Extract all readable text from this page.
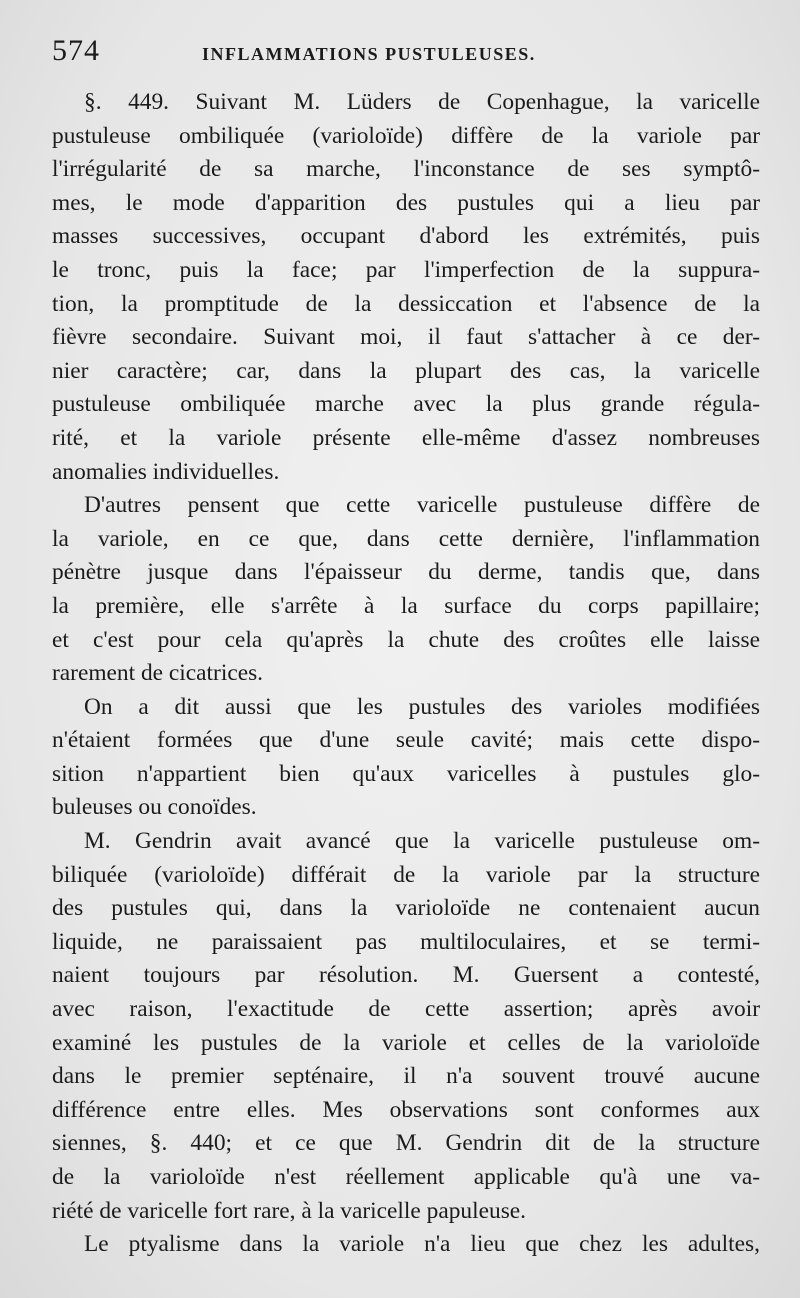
574	INFLAMMATIONS PUSTULEUSES.
§. 449. Suivant M. Lüders de Copenhague, la varicelle
pustuleuse ombiliquée (varioloïde) diffère de la variole par
l'irrégularité de sa marche, l'inconstance de ses symptô-
mes, le mode d'apparition des pustules qui a lieu par
masses successives, occupant d'abord les extrémités, puis
le tronc, puis la face; par l'imperfection de la suppura-
tion, la promptitude de la dessiccation et l'absence de la
fièvre secondaire. Suivant moi, il faut s'attacher à ce der-
nier caractère; car, dans la plupart des cas, la varicelle
pustuleuse ombiliquée marche avec la plus grande régula-
rité, et la variole présente elle-même d'assez nombreuses
anomalies individuelles.
D'autres pensent que cette varicelle pustuleuse diffère de
la variole, en ce que, dans cette dernière, l'inflammation
pénètre jusque dans l'épaisseur du derme, tandis que, dans
la première, elle s'arrête à la surface du corps papillaire;
et c'est pour cela qu'après la chute des croûtes elle laisse
rarement de cicatrices.
On a dit aussi que les pustules des varioles modifiées
n'étaient formées que d'une seule cavité; mais cette dispo-
sition n'appartient bien qu'aux varicelles à pustules glo-
buleuses ou conoïdes.
M. Gendrin avait avancé que la varicelle pustuleuse om-
biliquée (varioloïde) différait de la variole par la structure
des pustules qui, dans la varioloïde ne contenaient aucun
liquide, ne paraissaient pas multiloculaires, et se termi-
naient toujours par résolution. M. Guersent a contesté,
avec raison, l'exactitude de cette assertion; après avoir
examiné les pustules de la variole et celles de la varioloïde
dans le premier septénaire, il n'a souvent trouvé aucune
différence entre elles. Mes observations sont conformes aux
siennes, §. 440; et ce que M. Gendrin dit de la structure
de la varioloïde n'est réellement applicable qu'à une va-
riété de varicelle fort rare, à la varicelle papuleuse.
Le ptyalisme dans la variole n'a lieu que chez les adultes,
